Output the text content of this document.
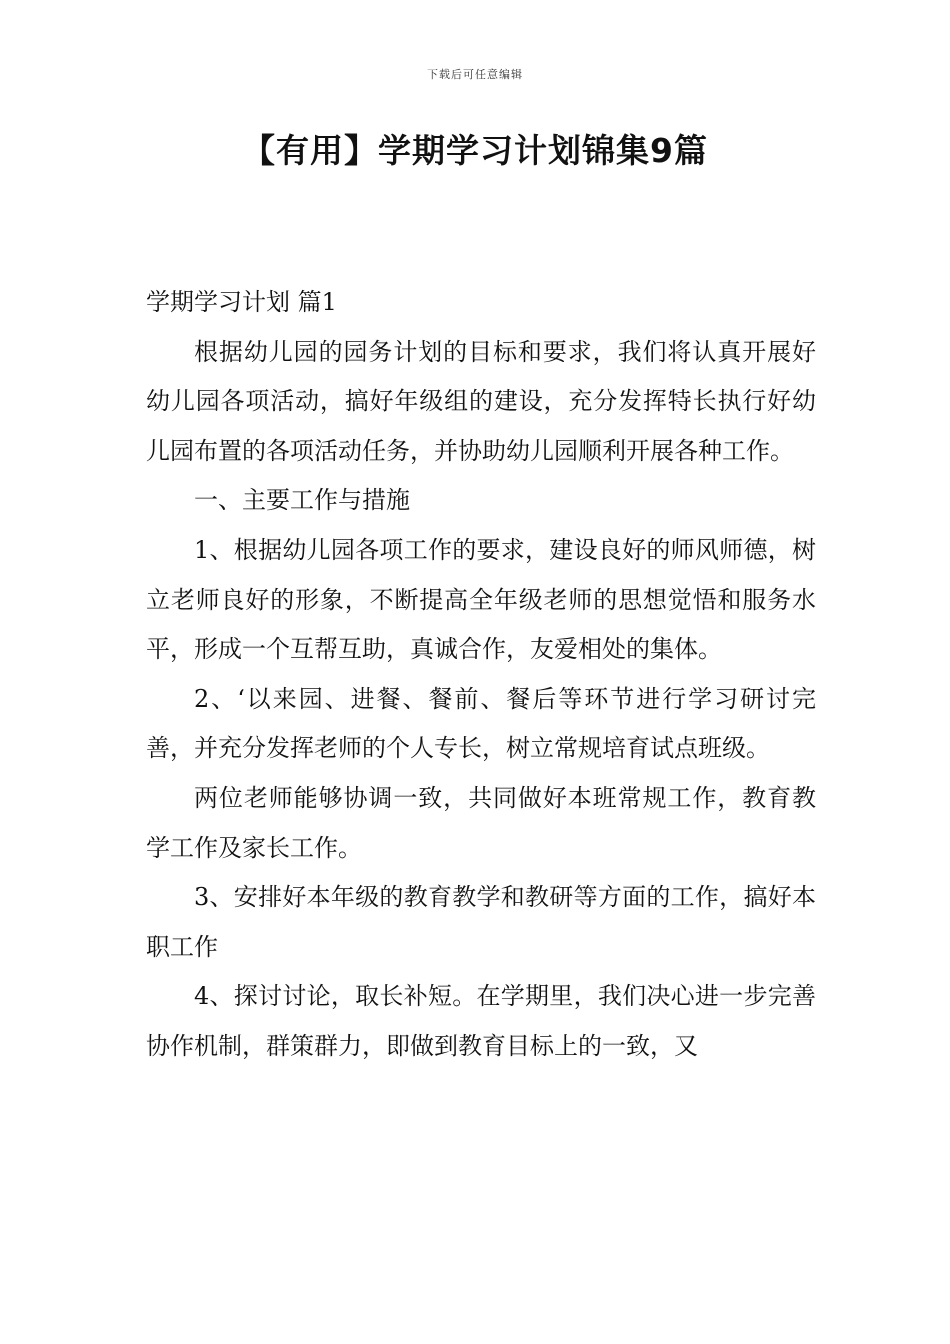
下载后可任意编辑
【有用】学期学习计划锦集9篇

学期学习计划 篇1

根据幼儿园的园务计划的目标和要求，我们将认真开展好幼儿园各项活动，搞好年级组的建设，充分发挥特长执行好幼儿园布置的各项活动任务，并协助幼儿园顺利开展各种工作。

一、主要工作与措施

1、根据幼儿园各项工作的要求，建设良好的师风师德，树立老师良好的形象，不断提高全年级老师的思想觉悟和服务水平，形成一个互帮互助，真诚合作，友爱相处的集体。

2、‘以来园、进餐、餐前、餐后等环节进行学习研讨完善，并充分发挥老师的个人专长，树立常规培育试点班级。

两位老师能够协调一致，共同做好本班常规工作，教育教学工作及家长工作。

3、安排好本年级的教育教学和教研等方面的工作，搞好本职工作

4、探讨讨论，取长补短。在学期里，我们决心进一步完善协作机制，群策群力，即做到教育目标上的一致，又
